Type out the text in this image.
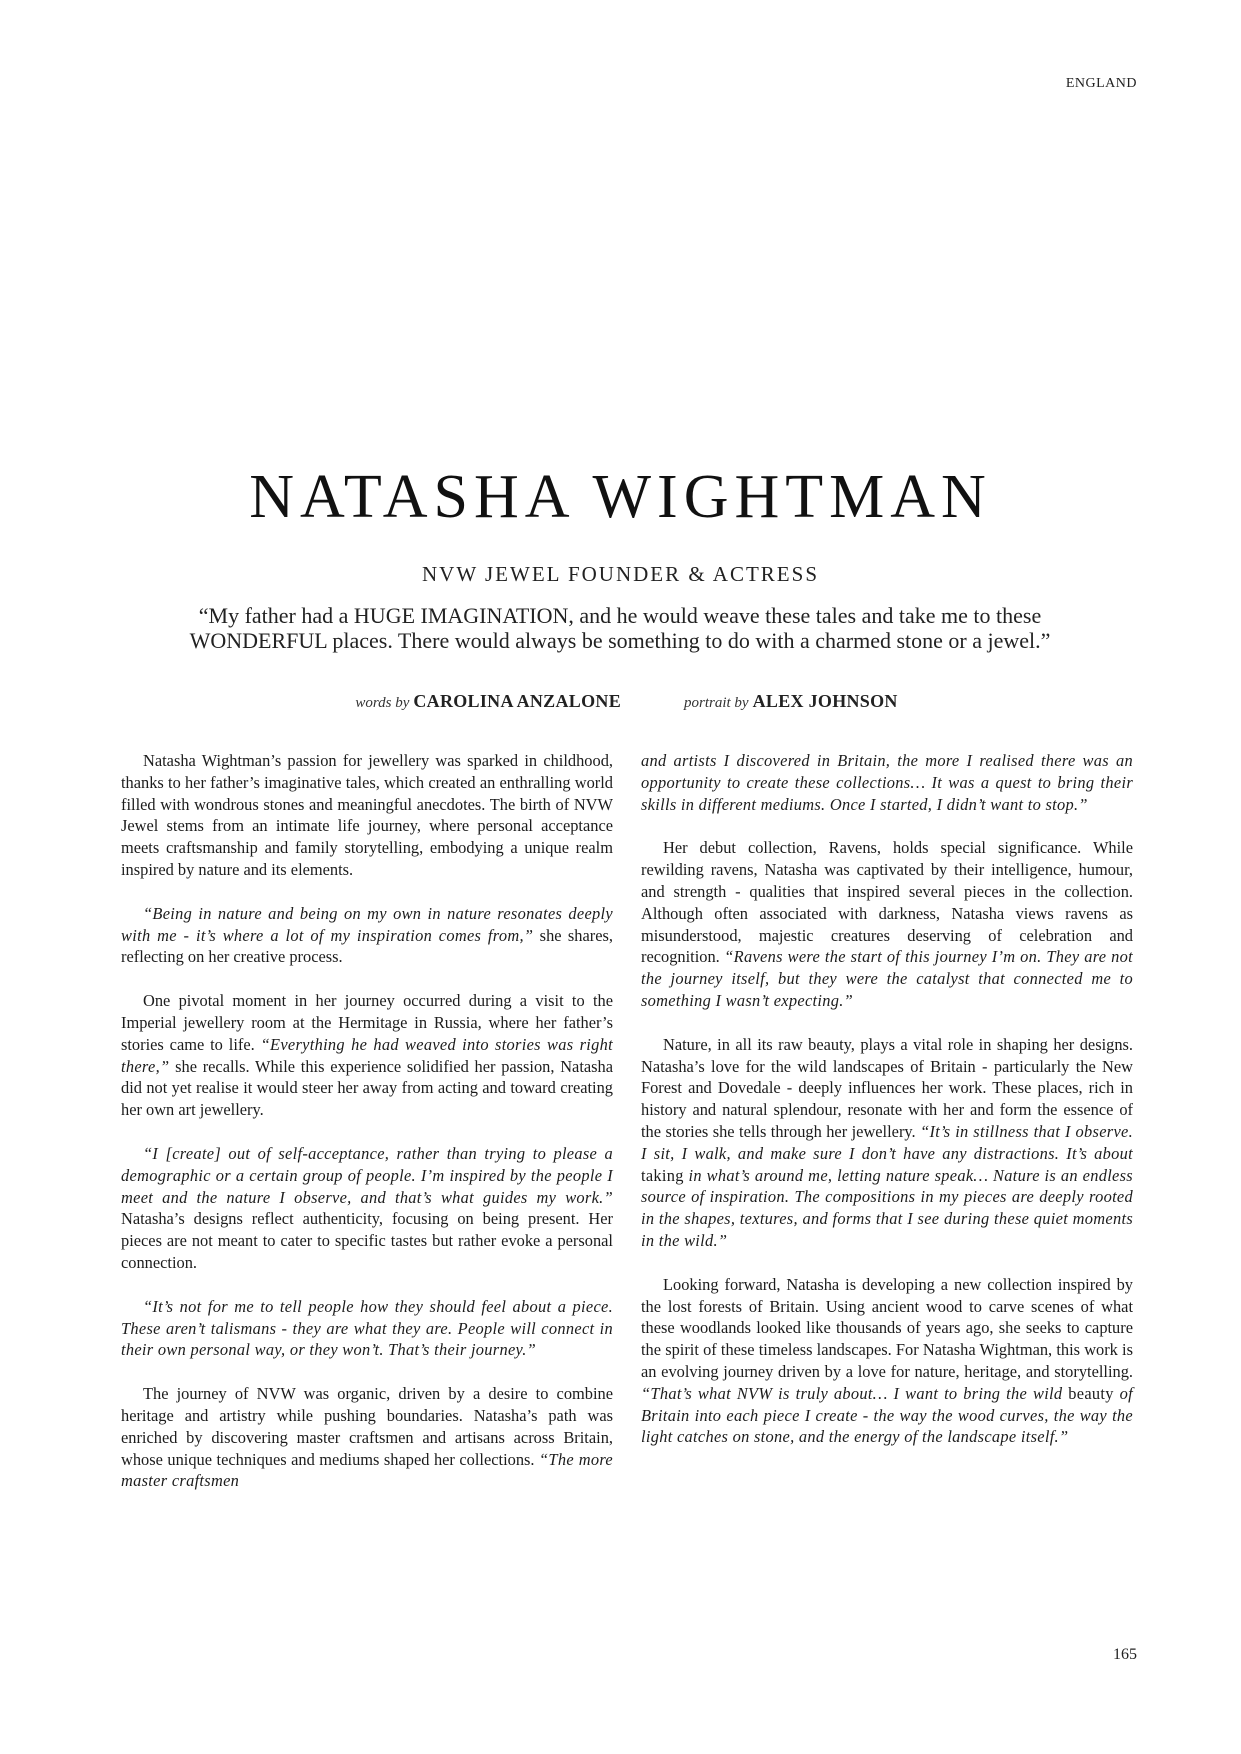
ENGLAND
NATASHA WIGHTMAN
NVW JEWEL FOUNDER & ACTRESS
“My father had a HUGE IMAGINATION, and he would weave these tales and take me to these
WONDERFUL places. There would always be something to do with a charmed stone or a jewel.”
words by CAROLINA ANZALONE	portrait by ALEX JOHNSON

Natasha Wightman’s passion for jewellery was sparked in childhood, thanks to her father’s imaginative tales, which created an enthralling world filled with wondrous stones and meaningful anecdotes. The birth of NVW Jewel stems from an intimate life journey, where personal acceptance meets craftsmanship and family storytelling, embodying a unique realm inspired by nature and its elements.

“Being in nature and being on my own in nature resonates deeply with me - it’s where a lot of my inspiration comes from,” she shares, reflecting on her creative process.

One pivotal moment in her journey occurred during a visit to the Imperial jewellery room at the Hermitage in Russia, where her father’s stories came to life. “Everything he had weaved into stories was right there,” she recalls. While this experience solidified her passion, Natasha did not yet realise it would steer her away from acting and toward creating her own art jewellery.

“I [create] out of self-acceptance, rather than trying to please a demographic or a certain group of people. I’m inspired by the people I meet and the nature I observe, and that’s what guides my work.” Natasha’s designs reflect authenticity, focusing on being present. Her pieces are not meant to cater to specific tastes but rather evoke a personal connection.

“It’s not for me to tell people how they should feel about a piece. These aren’t talismans - they are what they are. People will connect in their own personal way, or they won’t. That’s their journey.”

The journey of NVW was organic, driven by a desire to combine heritage and artistry while pushing boundaries. Natasha’s path was enriched by discovering master craftsmen and artisans across Britain, whose unique techniques and mediums shaped her collections. “The more master craftsmen

and artists I discovered in Britain, the more I realised there was an opportunity to create these collections… It was a quest to bring their skills in different mediums. Once I started, I didn’t want to stop.”

Her debut collection, Ravens, holds special significance. While rewilding ravens, Natasha was captivated by their intelligence, humour, and strength - qualities that inspired several pieces in the collection. Although often associated with darkness, Natasha views ravens as misunderstood, majestic creatures deserving of celebration and recognition. “Ravens were the start of this journey I’m on. They are not the journey itself, but they were the catalyst that connected me to something I wasn’t expecting.”

Nature, in all its raw beauty, plays a vital role in shaping her designs. Natasha’s love for the wild landscapes of Britain - particularly the New Forest and Dovedale - deeply influences her work. These places, rich in history and natural splendour, resonate with her and form the essence of the stories she tells through her jewellery. “It’s in stillness that I observe. I sit, I walk, and make sure I don’t have any distractions. It’s about taking in what’s around me, letting nature speak… Nature is an endless source of inspiration. The compositions in my pieces are deeply rooted in the shapes, textures, and forms that I see during these quiet moments in the wild.”

Looking forward, Natasha is developing a new collection inspired by the lost forests of Britain. Using ancient wood to carve scenes of what these woodlands looked like thousands of years ago, she seeks to capture the spirit of these timeless landscapes. For Natasha Wightman, this work is an evolving journey driven by a love for nature, heritage, and storytelling. “That’s what NVW is truly about… I want to bring the wild beauty of Britain into each piece I create - the way the wood curves, the way the light catches on stone, and the energy of the landscape itself.”

165
